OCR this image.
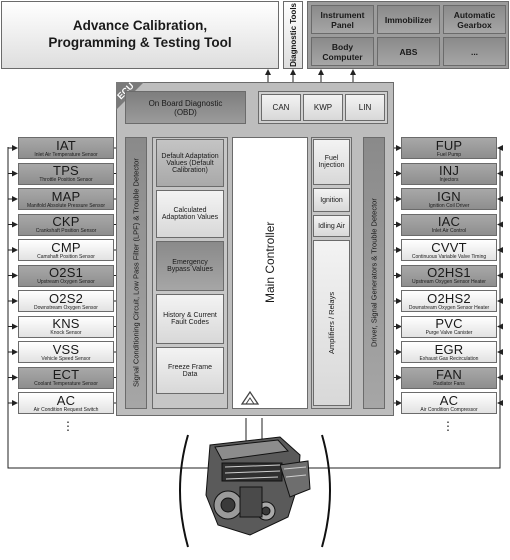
Advance Calibration, Programming & Testing Tool	Diagnostic Tools	Instrument Panel	Immobilizer	Automatic Gearbox
Body Computer	ABS	...
On Board Diagnostic (OBD)	CAN	KWP	LIN
Signal Conditioning Circuit, Low Pass Filter (LPF) & Trouble Detector
Default Adaptation Values (Default Calibration)
Calculated Adaptation Values
Emergency Bypass Values
History & Current Fault Codes
Freeze Frame Data
Main Controller
Fuel Injection
Ignition
Idling Air
Amplifiers / Relays	Driver, Signal Generators & Trouble Detector
IAT
Inlet Air Temperature Sensor
TPS
Throttle Position Sensor
MAP
Manifold Absolute Pressure Sensor
CKP
Crankshaft Position Sensor
CMP
Camshaft Position Sensor
O2S1
Upstream Oxygen Sensor
O2S2
Downstream Oxygen Sensor
KNS
Knock Sensor
VSS
Vehicle Speed Sensor
ECT
Coolant Temperature Sensor
AC
Air Condition Request Switch
FUP
Fuel Pump
INJ
Injectors
IGN
Ignition Coil Driver
IAC
Inlet Air Control
CVVT
Continuous Variable Valve Timing
O2HS1
Upstream Oxygen Sensor Heater
O2HS2
Downstream Oxygen Sensor Heater
PVC
Purge Valve Canister
EGR
Exhaust Gas Recirculation
FAN
Radiator Fans
AC
Air Condition Compressor
⋮	⋮
